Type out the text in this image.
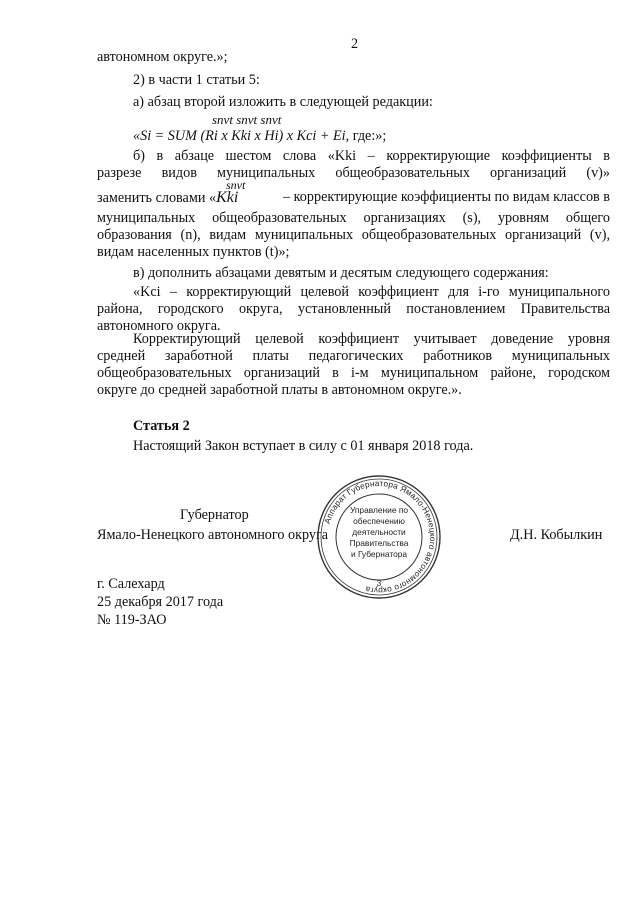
2
автономном округе.»;
2) в части 1 статьи 5:
а) абзац второй изложить в следующей редакции:
snvt snvt snvt
«Si = SUM (Ri x Kki x Hi) x Kci + Ei, где:»;
б) в абзаце шестом слова «Kki – корректирующие коэффициенты в
разрезе видов муниципальных общеобразовательных организаций (v)»
snvt
заменить словами «Kki	– корректирующие коэффициенты по видам классов в
муниципальных общеобразовательных организациях (s), уровням общего
образования (n), видам муниципальных общеобразовательных организаций (v),
видам населенных пунктов (t)»;
в) дополнить абзацами девятым и десятым следующего содержания:
«Kci – корректирующий целевой коэффициент для i-го муниципального
района, городского округа, установленный постановлением Правительства
автономного округа.
Корректирующий целевой коэффициент учитывает доведение уровня
средней заработной платы педагогических работников муниципальных
общеобразовательных организаций в i-м муниципальном районе, городском
округе до средней заработной платы в автономном округе.».
Статья 2
Настоящий Закон вступает в силу с 01 января 2018 года.
Губернатор
Ямало-Ненецкого автономного округа	Д.Н. Кобылкин
Аппарат Губернатора Ямало-Ненецкого автономного округа
3
Управление по
обеспечению
деятельности
Правительства
и Губернатора
г. Салехард
25 декабря 2017 года
№ 119-ЗАО
